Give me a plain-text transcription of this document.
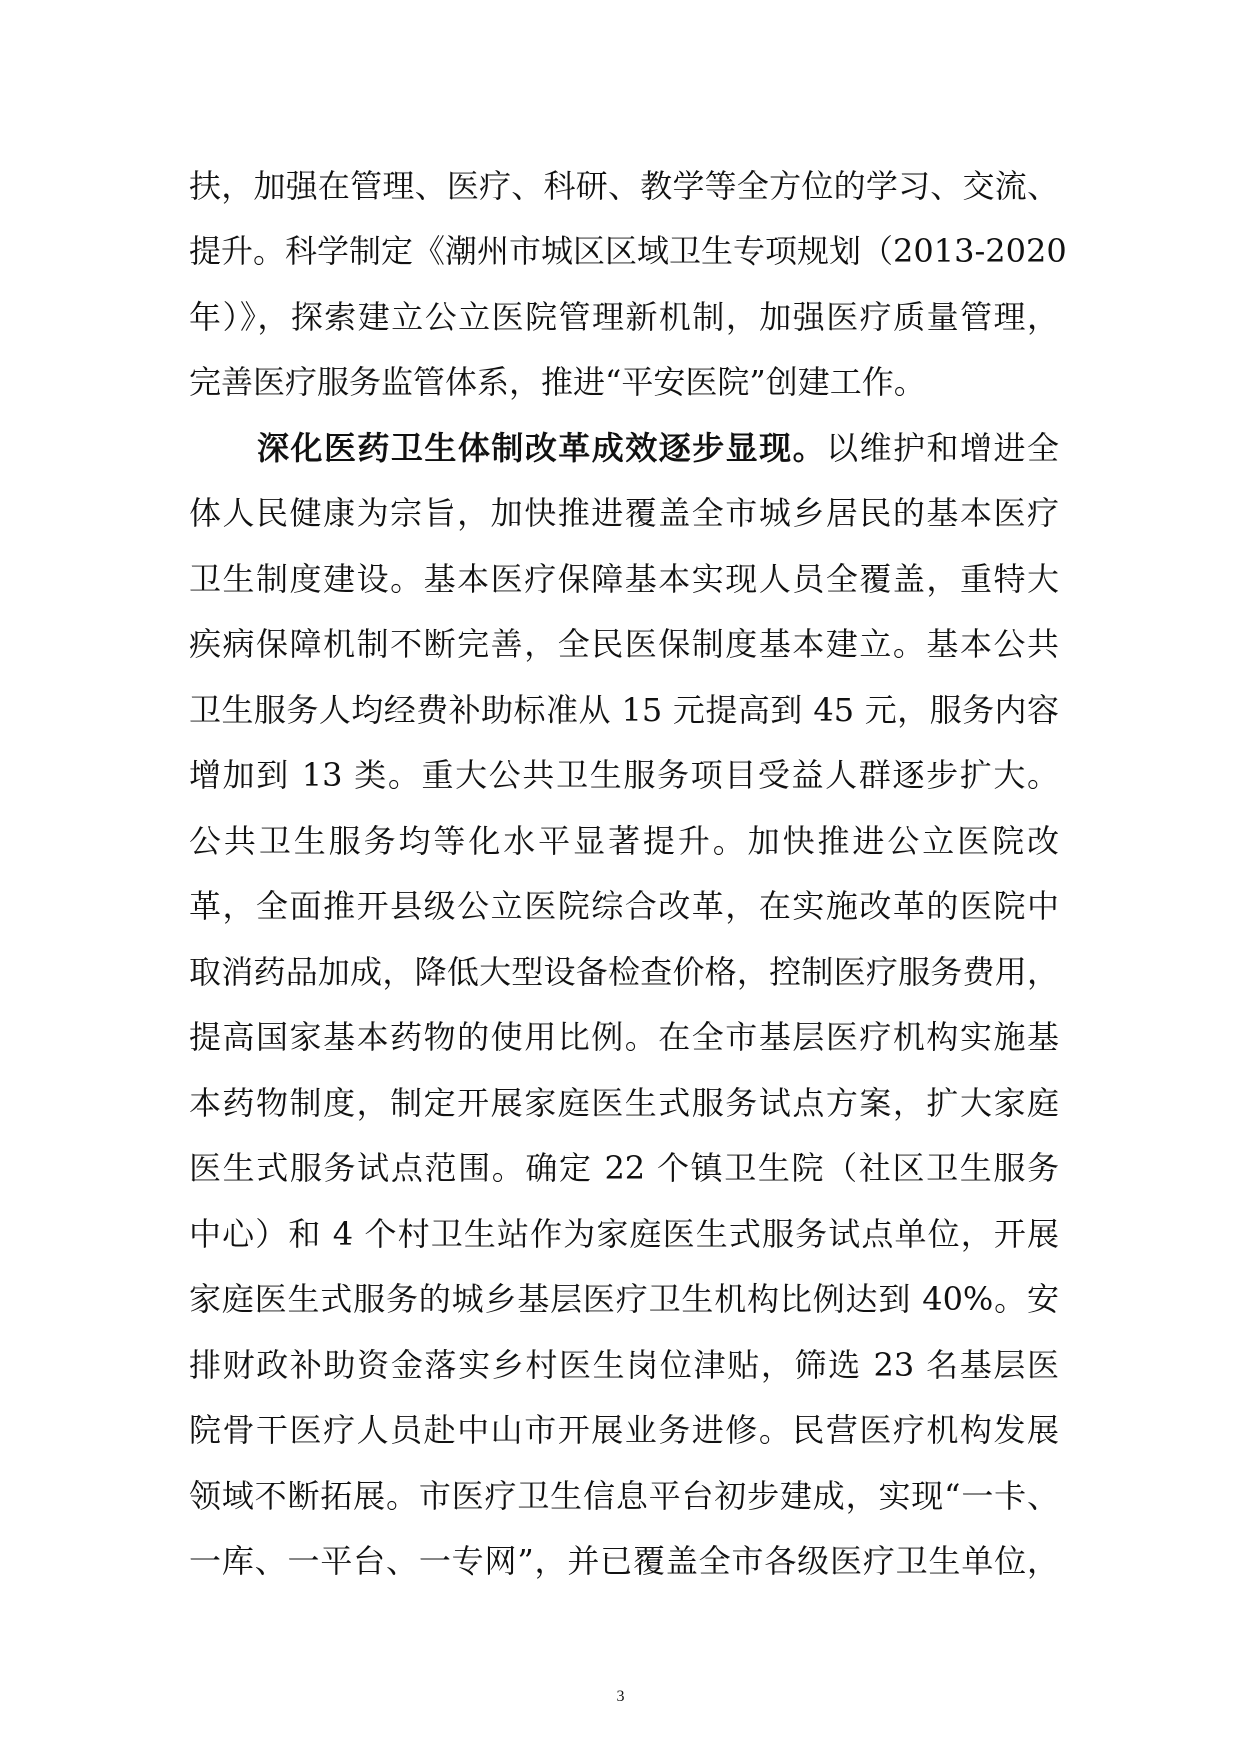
扶，加强在管理、医疗、科研、教学等全方位的学习、交流、
提升。科学制定《潮州市城区区域卫生专项规划（2013-2020
年）》，探索建立公立医院管理新机制，加强医疗质量管理，
完善医疗服务监管体系，推进“平安医院”创建工作。
深化医药卫生体制改革成效逐步显现。以维护和增进全
体人民健康为宗旨，加快推进覆盖全市城乡居民的基本医疗
卫生制度建设。基本医疗保障基本实现人员全覆盖，重特大
疾病保障机制不断完善，全民医保制度基本建立。基本公共
卫生服务人均经费补助标准从 15 元提高到 45 元，服务内容
增加到 13 类。重大公共卫生服务项目受益人群逐步扩大。
公共卫生服务均等化水平显著提升。加快推进公立医院改
革，全面推开县级公立医院综合改革，在实施改革的医院中
取消药品加成，降低大型设备检查价格，控制医疗服务费用，
提高国家基本药物的使用比例。在全市基层医疗机构实施基
本药物制度，制定开展家庭医生式服务试点方案，扩大家庭
医生式服务试点范围。确定 22 个镇卫生院（社区卫生服务
中心）和 4 个村卫生站作为家庭医生式服务试点单位，开展
家庭医生式服务的城乡基层医疗卫生机构比例达到 40%。安
排财政补助资金落实乡村医生岗位津贴，筛选 23 名基层医
院骨干医疗人员赴中山市开展业务进修。民营医疗机构发展
领域不断拓展。市医疗卫生信息平台初步建成，实现“一卡、
一库、一平台、一专网”，并已覆盖全市各级医疗卫生单位，
3
